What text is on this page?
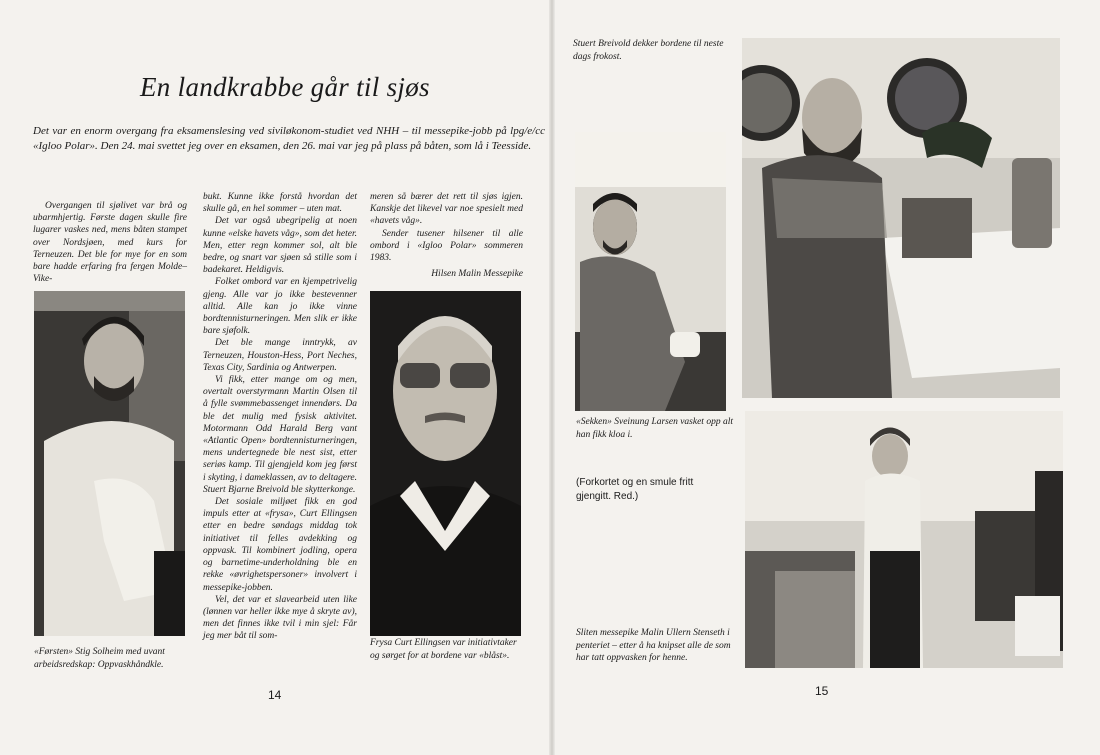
En landkrabbe går til sjøs
Det var en enorm overgang fra eksamenslesing ved siviløkonom-studiet ved NHH – til messepike-jobb på lpg/e/cc «Igloo Polar». Den 24. mai svettet jeg over en eksamen, den 26. mai var jeg på plass på båten, som lå i Teesside.

Overgangen til sjølivet var brå og ubarmhjertig. Første dagen skulle fire lugarer vaskes ned, mens båten stampet over Nordsjøen, med kurs for Terneuzen. Det ble for mye for en som bare hadde erfaring fra fergen Molde–Vike-

«Førsten» Stig Solheim med uvant arbeidsredskap: Oppvaskhåndkle.

bukt. Kunne ikke forstå hvordan det skulle gå, en hel sommer – uten mat.

Det var også ubegripelig at noen kunne «elske havets våg», som det heter. Men, etter regn kommer sol, alt ble bedre, og snart var sjøen så stille som i badekaret. Heldigvis.

Folket ombord var en kjempetrivelig gjeng. Alle var jo ikke bestevenner alltid. Alle kan jo ikke vinne bordtennisturneringen. Men slik er ikke bare sjøfolk.

Det ble mange inntrykk, av Terneuzen, Houston-Hess, Port Neches, Texas City, Sardinia og Antwerpen.

Vi fikk, etter mange om og men, overtalt overstyrmann Martin Olsen til å fylle svømmebassenget innendørs. Da ble det mulig med fysisk aktivitet. Motormann Odd Harald Berg vant «Atlantic Open» bordtennisturneringen, mens undertegnede ble nest sist, etter seriøs kamp. Til gjengjeld kom jeg først i skyting, i dameklassen, av to deltagere. Stuert Bjarne Breivold ble skytterkonge.

Det sosiale miljøet fikk en god impuls etter at «frysa», Curt Ellingsen etter en bedre søndags middag tok initiativet til felles avdekking og oppvask. Til kombinert jodling, opera og barnetime-underholdning ble en rekke «øvrighetspersoner» involvert i messepike-jobben.

Vel, det var et slavearbeid uten like (lønnen var heller ikke mye å skryte av), men det finnes ikke tvil i min sjel: Får jeg mer båt til som-

meren så bærer det rett til sjøs igjen. Kanskje det likevel var noe spesielt med «havets våg».

Sender tusener hilsener til alle ombord i «Igloo Polar» sommeren 1983.

Hilsen Malin Messepike

Frysa Curt Ellingsen var initiativtaker og sørget for at bordene var «blåst».
14
Stuert Breivold dekker bordene til neste dags frokost.
«Sekken» Sveinung Larsen vasket opp alt han fikk kloa i.
(Forkortet og en smule fritt gjengitt. Red.)
Sliten messepike Malin Ullern Stenseth i penteriet – etter å ha knipset alle de som har tatt oppvasken for henne.
15
